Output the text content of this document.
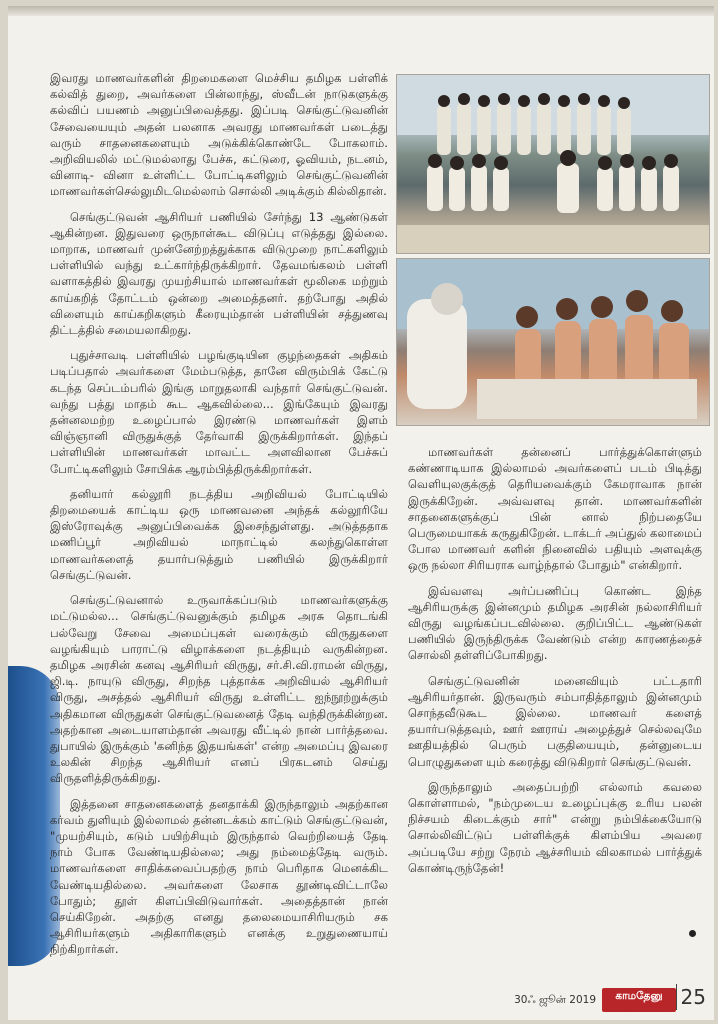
இவரது மாணவர்களின் திறமைகளை மெச்சிய தமிழக பள்ளிக் கல்வித் துறை, அவர்களை பின்லாந்து, ஸ்வீடன் நாடுகளுக்கு கல்விப் பயணம் அனுப்பிவைத்தது. இப்படி செங்குட்டுவனின் சேவையையும் அதன் பலனாக அவரது மாணவர்கள் படைத்து வரும் சாதனைகளையும் அடுக்கிக்கொண்டே போகலாம். அறிவியலில் மட்டுமல்லாது பேச்சு, கட்டுரை, ஓவியம், நடனம், வினாடி- வினா உள்ளிட்ட போட்டிகளிலும் செங்குட்டுவனின் மாணவர்கள்செல்லுமிடமெல்லாம் சொல்லி அடிக்கும் கில்லிதான்.

செங்குட்டுவன் ஆசிரியர் பணியில் சேர்ந்து 13 ஆண்டுகள் ஆகின்றன. இதுவரை ஒருநாள்கூட விடுப்பு எடுத்தது இல்லை. மாறாக, மாணவர் முன்னேற்றத்துக்காக விடுமுறை நாட்களிலும் பள்ளியில் வந்து உட்கார்ந்திருக்கிறார். தேவமங்கலம் பள்ளி வளாகத்தில் இவரது முயற்சியால் மாணவர்கள் மூலிகை மற்றும் காய்கறித் தோட்டம் ஒன்றை அமைத்தனர். தற்போது அதில் விளையும் காய்கறிகளும் கீரையும்தான் பள்ளியின் சத்துணவு திட்டத்தில் சமையலாகிறது.

புதுச்சாவடி பள்ளியில் பழங்குடியின குழந்தைகள் அதிகம் படிப்பதால் அவர்களை மேம்படுத்த, தானே விரும்பிக் கேட்டு கடந்த செப்டம்பரில் இங்கு மாறுதலாகி வந்தார் செங்குட்டுவன். வந்து பத்து மாதம் கூட ஆகவில்லை... இங்கேயும் இவரது தன்னலமற்ற உழைப்பால் இரண்டு மாணவர்கள் இளம் விஞ்ஞானி விருதுக்குத் தேர்வாகி இருக்கிறார்கள். இந்தப் பள்ளியின் மாணவர்கள் மாவட்ட அளவிலான பேச்சுப் போட்டிகளிலும் சோபிக்க ஆரம்பித்திருக்கிறார்கள்.

தனியார் கல்லூரி நடத்திய அறிவியல் போட்டியில் திறமையைக் காட்டிய ஒரு மாணவனை அந்தக் கல்லூரியே இஸ்ரோவுக்கு அனுப்பிவைக்க இசைந்துள்ளது. அடுத்ததாக மணிப்பூர் அறிவியல் மாநாட்டில் கலந்துகொள்ள மாணவர்களைத் தயார்படுத்தும் பணியில் இருக்கிறார் செங்குட்டுவன்.

செங்குட்டுவனால் உருவாக்கப்படும் மாணவர்களுக்கு மட்டுமல்ல... செங்குட்டுவனுக்கும் தமிழக அரசு தொடங்கி பல்வேறு சேவை அமைப்புகள் வரைக்கும் விருதுகளை வழங்கியும் பாராட்டு விழாக்களை நடத்தியும் வருகின்றன. தமிழக அரசின் கனவு ஆசிரியர் விருது, சர்.சி.வி.ராமன் விருது, ஜி.டி. நாயுடு விருது, சிறந்த புத்தாக்க அறிவியல் ஆசிரியர் விருது, அசத்தல் ஆசிரியர் விருது உள்ளிட்ட ஐந்நூற்றுக்கும் அதிகமான விருதுகள் செங்குட்டுவனைத் தேடி வந்திருக்கின்றன. அதற்கான அடையாளம்தான் அவரது வீட்டில் நான் பார்த்தவை. துபாயில் இருக்கும் 'கனிந்த இதயங்கள்' என்ற அமைப்பு இவரை உலகின் சிறந்த ஆசிரியர் எனப் பிரகடனம் செய்து விருதளித்திருக்கிறது.

இத்தனை சாதனைகளைத் தனதாக்கி இருந்தாலும் அதற்கான கர்வம் துளியும் இல்லாமல் தன்னடக்கம் காட்டும் செங்குட்டுவன், "முயற்சியும், கடும் பயிற்சியும் இருந்தால் வெற்றியைத் தேடி நாம் போக வேண்டியதில்லை; அது நம்மைத்தேடி வரும். மாணவர்களை சாதிக்கவைப்பதற்கு நாம் பெரிதாக மெனக்கிட வேண்டியதில்லை. அவர்களை லேசாக தூண்டிவிட்டாலே போதும்; தூள் கிளப்பிவிடுவார்கள். அதைத்தான் நான் செய்கிறேன். அதற்கு எனது தலைமையாசிரியரும் சக ஆசிரியர்களும் அதிகாரிகளும் எனக்கு உறுதுணையாய் நிற்கிறார்கள்.

மாணவர்கள் தன்னைப் பார்த்துக்கொள்ளும் கண்ணாடியாக இல்லாமல் அவர்களைப் படம் பிடித்து வெளியுலகுக்குத் தெரியவைக்கும் கேமராவாக நான் இருக்கிறேன். அவ்வளவு தான். மாணவர்களின் சாதனைகளுக்குப் பின் னால் நிற்பதையே பெருமையாகக் கருதுகிறேன். டாக்டர் அப்துல் கலாமைப் போல மாணவர் களின் நினைவில் பதியும் அளவுக்கு ஒரு நல்லா சிரியராக வாழ்ந்தால் போதும்" என்கிறார்.

இவ்வளவு அர்ப்பணிப்பு கொண்ட இந்த ஆசிரியருக்கு இன்னமும் தமிழக அரசின் நல்லாசிரியர் விருது வழங்கப்படவில்லை. குறிப்பிட்ட ஆண்டுகள் பணியில் இருந்திருக்க வேண்டும் என்ற காரணத்தைச் சொல்லி தள்ளிப்போகிறது.

செங்குட்டுவனின் மனைவியும் பட்டதாரி ஆசிரியர்தான். இருவரும் சம்பாதித்தாலும் இன்னமும் சொந்தவீடுகூட இல்லை. மாணவர் களைத் தயார்படுத்தவும், ஊர் ஊராய் அழைத்துச் செல்லவுமே ஊதியத்தில் பெரும் பகுதியையும், தன்னுடைய பொழுதுகளை யும் கரைத்து விடுகிறார் செங்குட்டுவன்.

இருந்தாலும் அதைப்பற்றி எல்லாம் கவலை கொள்ளாமல், "நம்முடைய உழைப்புக்கு உரிய பலன் நிச்சயம் கிடைக்கும் சார்" என்று நம்பிக்கையோடு சொல்லிவிட்டுப் பள்ளிக்குக் கிளம்பிய அவரை அப்படியே சற்று நேரம் ஆச்சரியம் விலகாமல் பார்த்துக் கொண்டிருந்தேன்!

30ஃ ஜூன் 2019	காமதேனு
www.kamadenu.in
25
